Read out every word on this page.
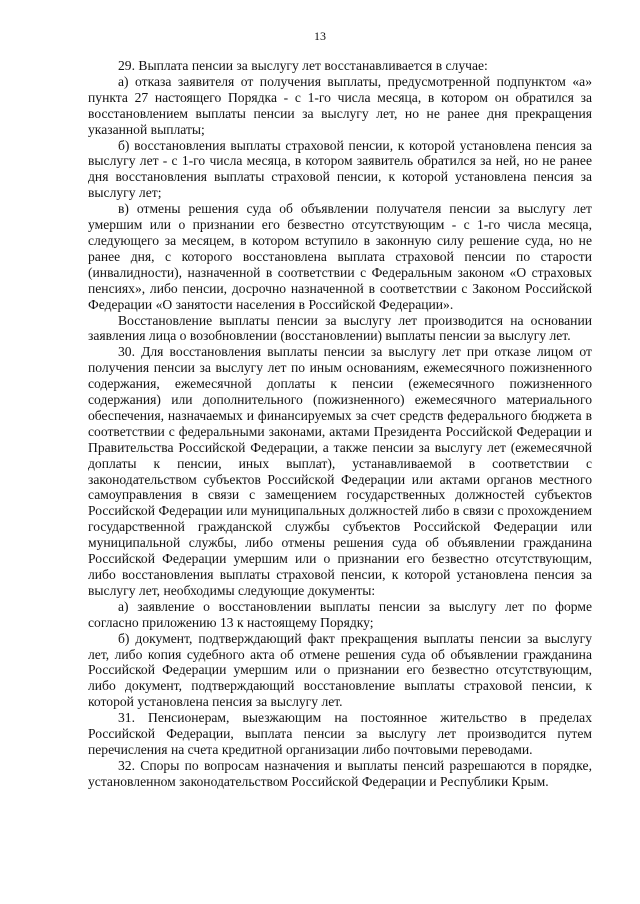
13

29. Выплата пенсии за выслугу лет восстанавливается в случае:

а) отказа заявителя от получения выплаты, предусмотренной подпунктом «а» пункта 27 настоящего Порядка - с 1-го числа месяца, в котором он обратился за восстановлением выплаты пенсии за выслугу лет, но не ранее дня прекращения указанной выплаты;

б) восстановления выплаты страховой пенсии, к которой установлена пенсия за выслугу лет - с 1-го числа месяца, в котором заявитель обратился за ней, но не ранее дня восстановления выплаты страховой пенсии, к которой установлена пенсия за выслугу лет;

в) отмены решения суда об объявлении получателя пенсии за выслугу лет умершим или о признании его безвестно отсутствующим - с 1-го числа месяца, следующего за месяцем, в котором вступило в законную силу решение суда, но не ранее дня, с которого восстановлена выплата страховой пенсии по старости (инвалидности), назначенной в соответствии с Федеральным законом «О страховых пенсиях», либо пенсии, досрочно назначенной в соответствии с Законом Российской Федерации «О занятости населения в Российской Федерации».

Восстановление выплаты пенсии за выслугу лет производится на основании заявления лица о возобновлении (восстановлении) выплаты пенсии за выслугу лет.

30. Для восстановления выплаты пенсии за выслугу лет при отказе лицом от получения пенсии за выслугу лет по иным основаниям, ежемесячного пожизненного содержания, ежемесячной доплаты к пенсии (ежемесячного пожизненного содержания) или дополнительного (пожизненного) ежемесячного материального обеспечения, назначаемых и финансируемых за счет средств федерального бюджета в соответствии с федеральными законами, актами Президента Российской Федерации и Правительства Российской Федерации, а также пенсии за выслугу лет (ежемесячной доплаты к пенсии, иных выплат), устанавливаемой в соответствии с законодательством субъектов Российской Федерации или актами органов местного самоуправления в связи с замещением государственных должностей субъектов Российской Федерации или муниципальных должностей либо в связи с прохождением государственной гражданской службы субъектов Российской Федерации или муниципальной службы, либо отмены решения суда об объявлении гражданина Российской Федерации умершим или о признании его безвестно отсутствующим, либо восстановления выплаты страховой пенсии, к которой установлена пенсия за выслугу лет, необходимы следующие документы:

а) заявление о восстановлении выплаты пенсии за выслугу лет по форме согласно приложению 13 к настоящему Порядку;

б) документ, подтверждающий факт прекращения выплаты пенсии за выслугу лет, либо копия судебного акта об отмене решения суда об объявлении гражданина Российской Федерации умершим или о признании его безвестно отсутствующим, либо документ, подтверждающий восстановление выплаты страховой пенсии, к которой установлена пенсия за выслугу лет.

31. Пенсионерам, выезжающим на постоянное жительство в пределах Российской Федерации, выплата пенсии за выслугу лет производится путем перечисления на счета кредитной организации либо почтовыми переводами.

32. Споры по вопросам назначения и выплаты пенсий разрешаются в порядке, установленном законодательством Российской Федерации и Республики Крым.
